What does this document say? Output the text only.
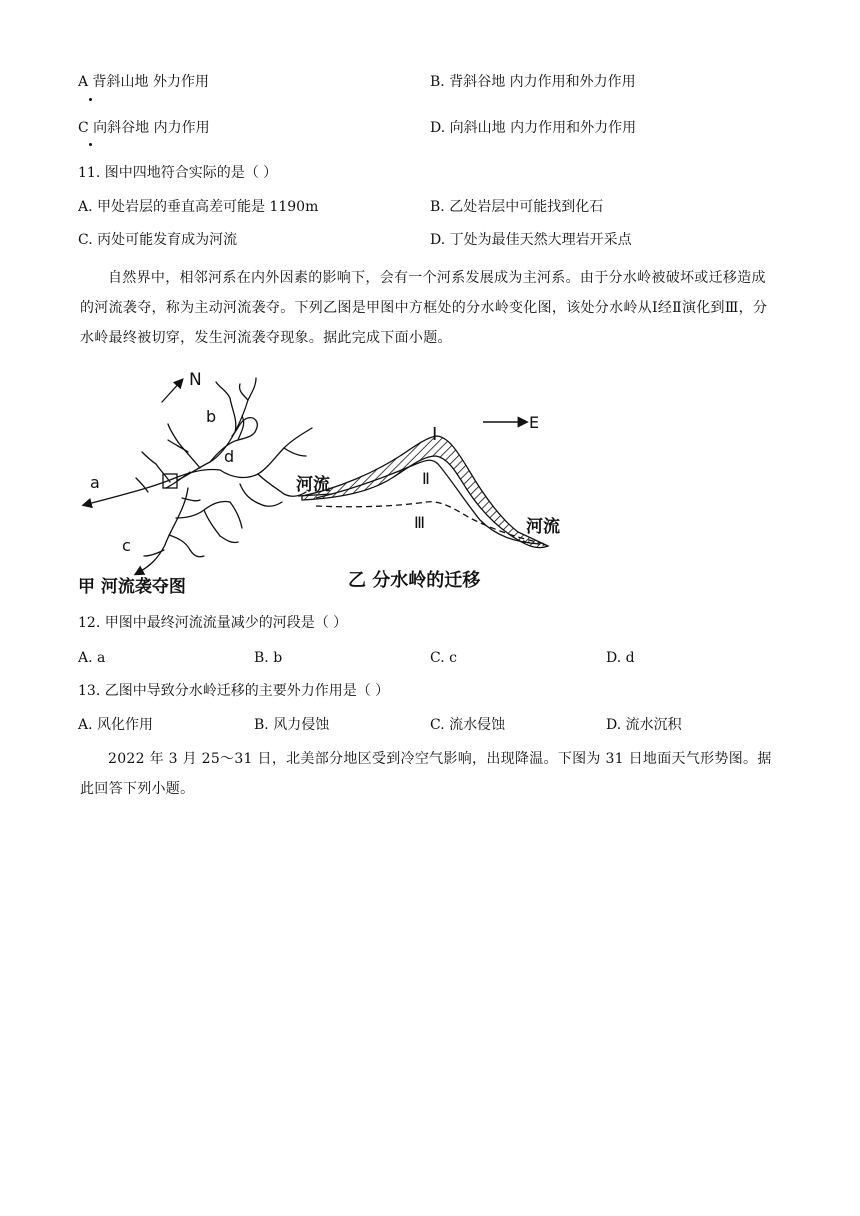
A 背斜山地 外力作用	B. 背斜谷地 内力作用和外力作用
C 向斜谷地 内力作用	D. 向斜山地 内力作用和外力作用
11. 图中四地符合实际的是（ ）
A. 甲处岩层的垂直高差可能是 1190m	B. 乙处岩层中可能找到化石
C. 丙处可能发育成为河流	D. 丁处为最佳天然大理岩开采点
自然界中，相邻河系在内外因素的影响下，会有一个河系发展成为主河系。由于分水岭被破坏或迁移造成的河流袭夺，称为主动河流袭夺。下列乙图是甲图中方框处的分水岭变化图，该处分水岭从Ⅰ经Ⅱ演化到Ⅲ，分水岭最终被切穿，发生河流袭夺现象。据此完成下面小题。
N
b
d
a
c
甲 河流袭夺图
E
Ⅰ
Ⅱ
Ⅲ
河流
河流
乙 分水岭的迁移
12. 甲图中最终河流流量减少的河段是（ ）
A. a	B. b	C. c	D. d
13. 乙图中导致分水岭迁移的主要外力作用是（ ）
A. 风化作用	B. 风力侵蚀	C. 流水侵蚀	D. 流水沉积
2022 年 3 月 25～31 日，北美部分地区受到冷空气影响，出现降温。下图为 31 日地面天气形势图。据此回答下列小题。
